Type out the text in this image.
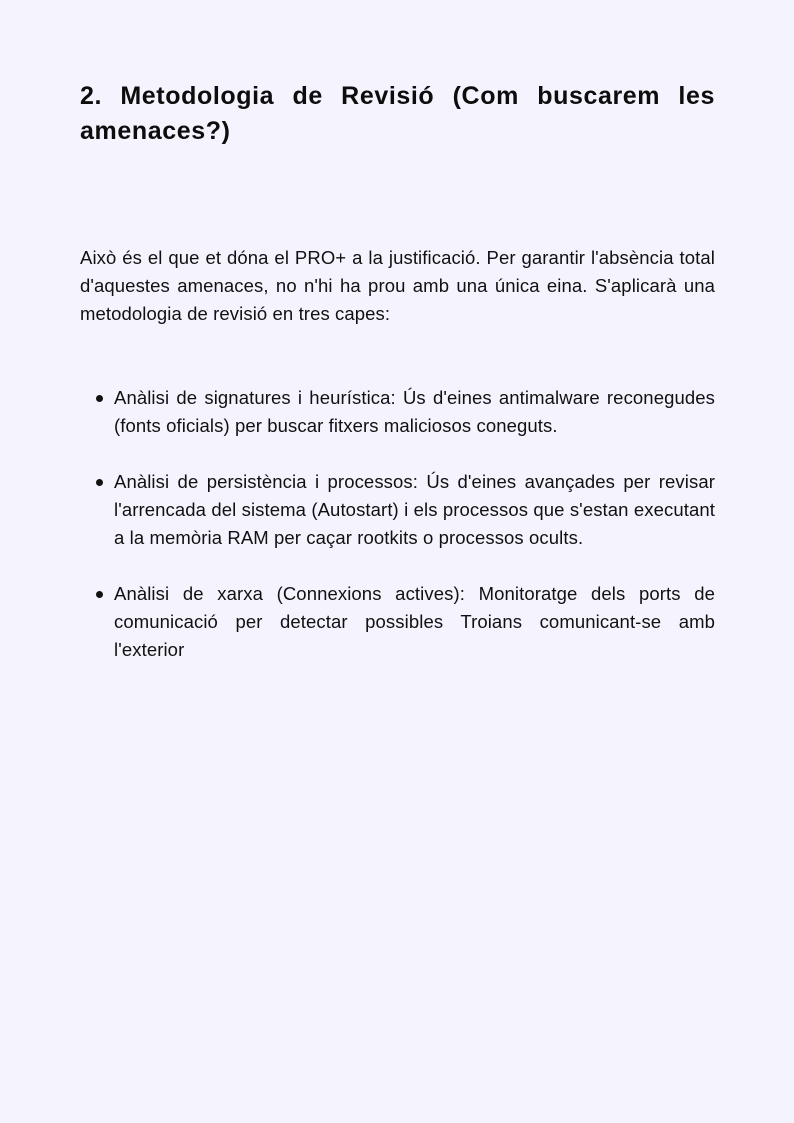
2. Metodologia de Revisió (Com buscarem les amenaces?)

Això és el que et dóna el PRO+ a la justificació. Per garantir l'absència total d'aquestes amenaces, no n'hi ha prou amb una única eina. S'aplicarà una metodologia de revisió en tres capes:

Anàlisi de signatures i heurística: Ús d'eines antimalware reconegudes (fonts oficials) per buscar fitxers maliciosos coneguts.
Anàlisi de persistència i processos: Ús d'eines avançades per revisar l'arrencada del sistema (Autostart) i els processos que s'estan executant a la memòria RAM per caçar rootkits o processos ocults.
Anàlisi de xarxa (Connexions actives): Monitoratge dels ports de comunicació per detectar possibles Troians comunicant-se amb l'exterior
